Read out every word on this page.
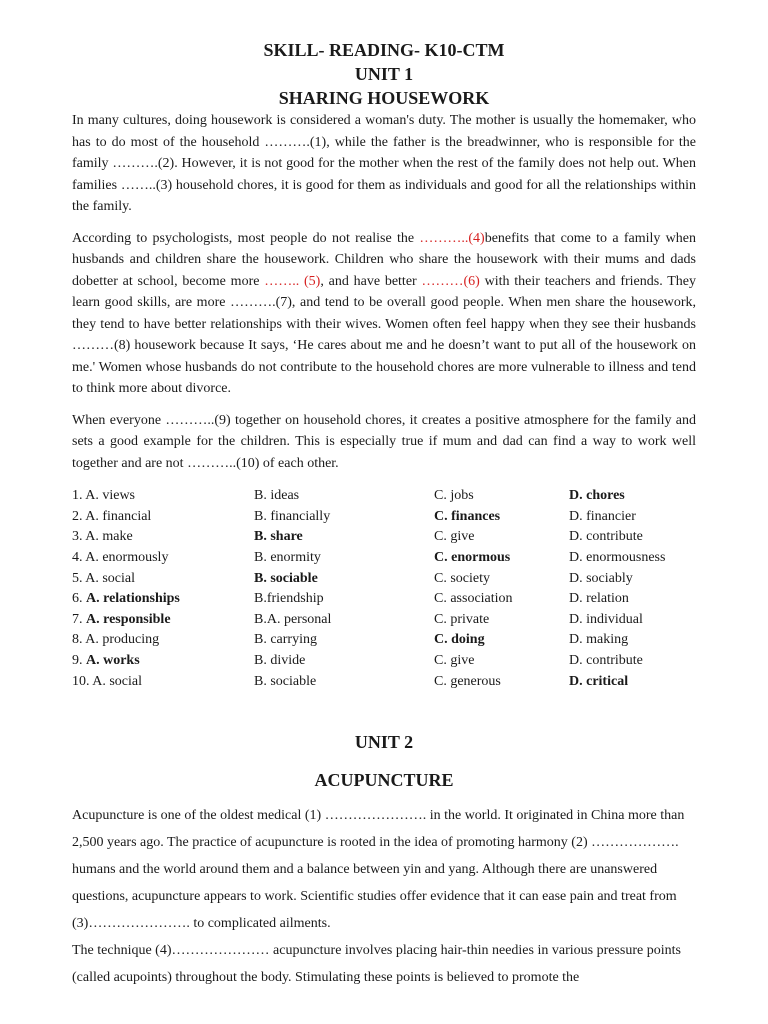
SKILL- READING- K10-CTM
UNIT 1
SHARING HOUSEWORK

In many cultures, doing housework is considered a woman's duty. The mother is usually the homemaker, who has to do most of the household ……….(1), while the father is the breadwinner, who is responsible for the family ……….(2). However, it is not good for the mother when the rest of the family does not help out. When families ……..(3) household chores, it is good for them as individuals and good for all the relationships within the family.

According to psychologists, most people do not realise the ………..(4)benefits that come to a family when husbands and children share the housework. Children who share the housework with their mums and dads dobetter at school, become more …….. (5), and have better ………(6) with their teachers and friends. They learn good skills, are more ……….(7), and tend to be overall good people. When men share the housework, they tend to have better relationships with their wives. Women often feel happy when they see their husbands ………(8) housework because It says, ‘He cares about me and he doesn’t want to put all of the housework on me.' Women whose husbands do not contribute to the household chores are more vulnerable to illness and tend to think more about divorce.

When everyone ………..(9) together on household chores, it creates a positive atmosphere for the family and sets a good example for the children. This is especially true if mum and dad can find a way to work well together and are not ………..(10) of each other.

1. A. views	B. ideas	C. jobs	D. chores
2. A. financial	B. financially	C. finances	D. financier
3. A. make	B. share	C. give	D. contribute
4. A. enormously	B. enormity	C. enormous	D. enormousness
5. A. social	B. sociable	C. society	D. sociably
6. A. relationships	B.friendship	C. association	D. relation
7. A. responsible	B.A. personal	C. private	D. individual
8. A. producing	B. carrying	C. doing	D. making
9. A. works	B. divide	C. give	D. contribute
10. A. social	B. sociable	C. generous	D. critical
UNIT 2
ACUPUNCTURE

Acupuncture is one of the oldest medical (1) …………………. in the world. It originated in China more than 2,500 years ago. The practice of acupuncture is rooted in the idea of promoting harmony (2) ………………. humans and the world around them and a balance between yin and yang. Although there are unanswered questions, acupuncture appears to work. Scientific studies offer evidence that it can ease pain and treat from (3)…………………. to complicated ailments.

The technique (4)………………… acupuncture involves placing hair-thin needies in various pressure points (called acupoints) throughout the body. Stimulating these points is believed to promote the
